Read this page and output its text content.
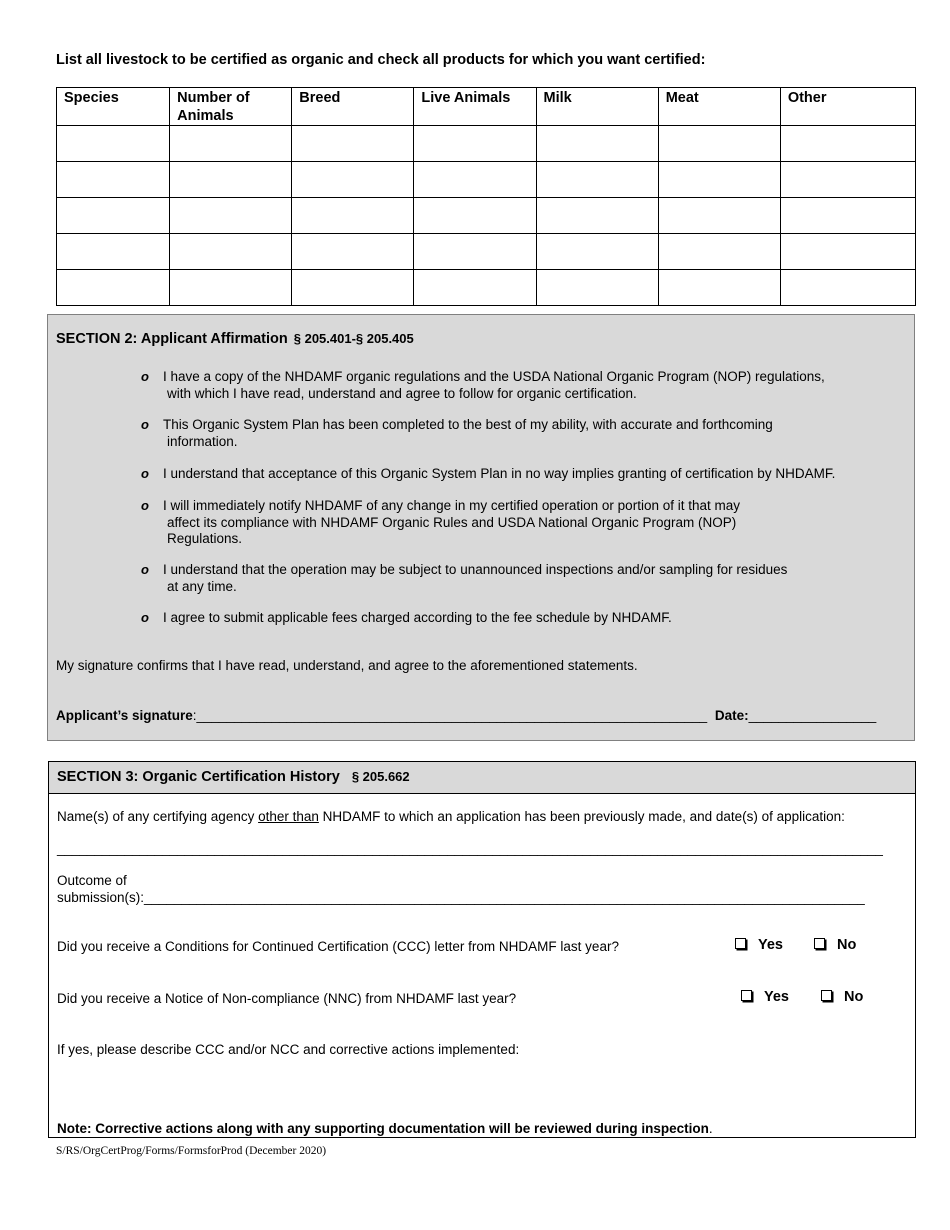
List all livestock to be certified as organic and check all products for which you want certified:
Species	Number of Animals	Breed	Live Animals	Milk	Meat	Other

SECTION 2: Applicant Affirmation § 205.401-§ 205.405
o I have a copy of the NHDAMF organic regulations and the USDA National Organic Program (NOP) regulations,
with which I have read, understand and agree to follow for organic certification.
o This Organic System Plan has been completed to the best of my ability, with accurate and forthcoming
information.
o I understand that acceptance of this Organic System Plan in no way implies granting of certification by NHDAMF.
o I will immediately notify NHDAMF of any change in my certified operation or portion of it that may
affect its compliance with NHDAMF Organic Rules and USDA National Organic Program (NOP)
Regulations.
o I understand that the operation may be subject to unannounced inspections and/or sampling for residues
at any time.
o I agree to submit applicable fees charged according to the fee schedule by NHDAMF.
My signature confirms that I have read, understand, and agree to the aforementioned statements.
Applicant’s signature:____________________________________________________________________ Date:_________________
SECTION 3: Organic Certification History § 205.662
Name(s) of any certifying agency other than NHDAMF to which an application has been previously made, and date(s) of application:
______________________________________________________________________________________________________________
Outcome of
submission(s):________________________________________________________________________________________________
Did you receive a Conditions for Continued Certification (CCC) letter from NHDAMF last year?	Yes	No
Did you receive a Notice of Non-compliance (NNC) from NHDAMF last year?	Yes	No
If yes, please describe CCC and/or NCC and corrective actions implemented:
Note: Corrective actions along with any supporting documentation will be reviewed during inspection.
S/RS/OrgCertProg/Forms/FormsforProd (December 2020)
